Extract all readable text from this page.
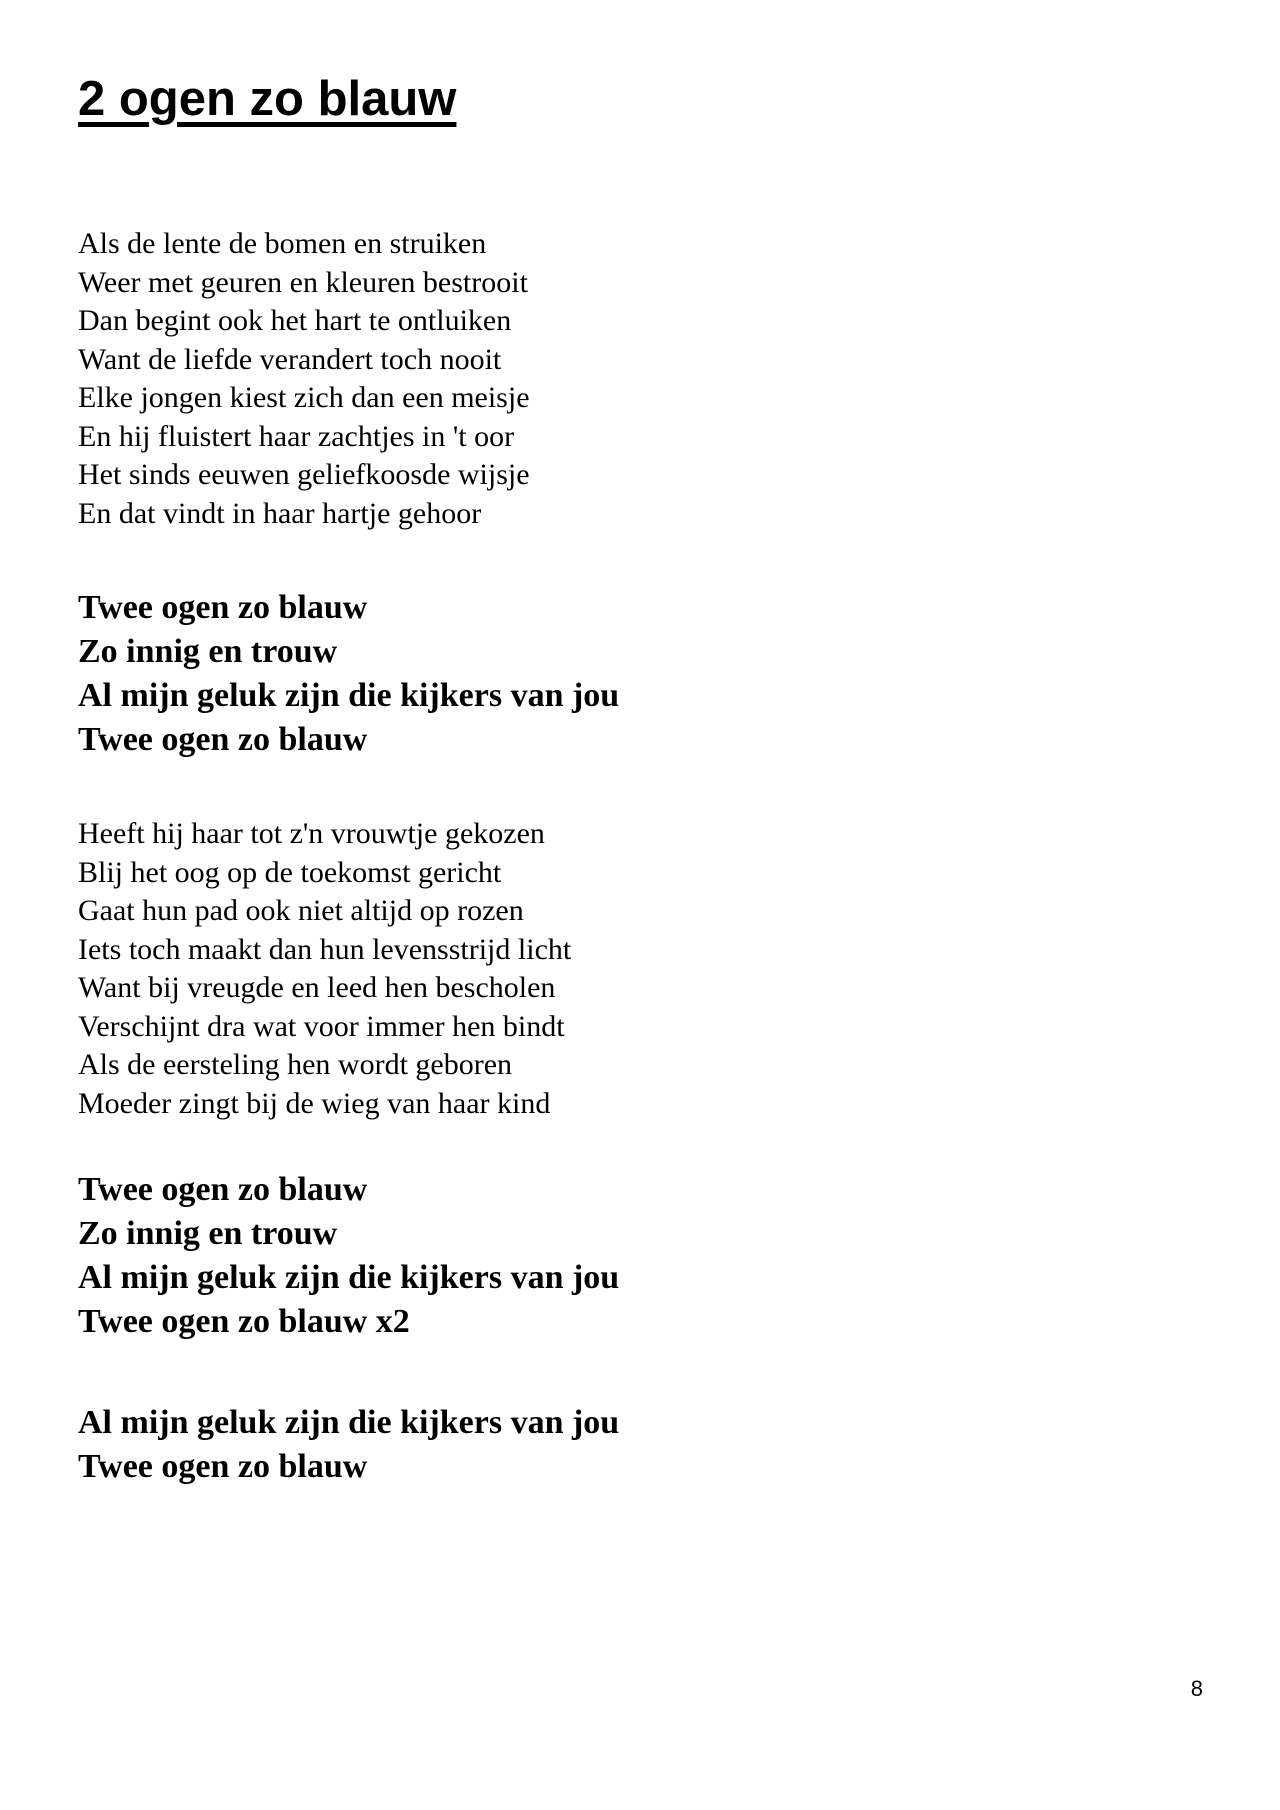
2 ogen zo blauw

Als de lente de bomen en struiken

Weer met geuren en kleuren bestrooit

Dan begint ook het hart te ontluiken

Want de liefde verandert toch nooit

Elke jongen kiest zich dan een meisje

En hij fluistert haar zachtjes in 't oor

Het sinds eeuwen geliefkoosde wijsje

En dat vindt in haar hartje gehoor

Twee ogen zo blauw

Zo innig en trouw

Al mijn geluk zijn die kijkers van jou

Twee ogen zo blauw

Heeft hij haar tot z'n vrouwtje gekozen

Blij het oog op de toekomst gericht

Gaat hun pad ook niet altijd op rozen

Iets toch maakt dan hun levensstrijd licht

Want bij vreugde en leed hen bescholen

Verschijnt dra wat voor immer hen bindt

Als de eersteling hen wordt geboren

Moeder zingt bij de wieg van haar kind

Twee ogen zo blauw

Zo innig en trouw

Al mijn geluk zijn die kijkers van jou

Twee ogen zo blauw x2

Al mijn geluk zijn die kijkers van jou

Twee ogen zo blauw

8
